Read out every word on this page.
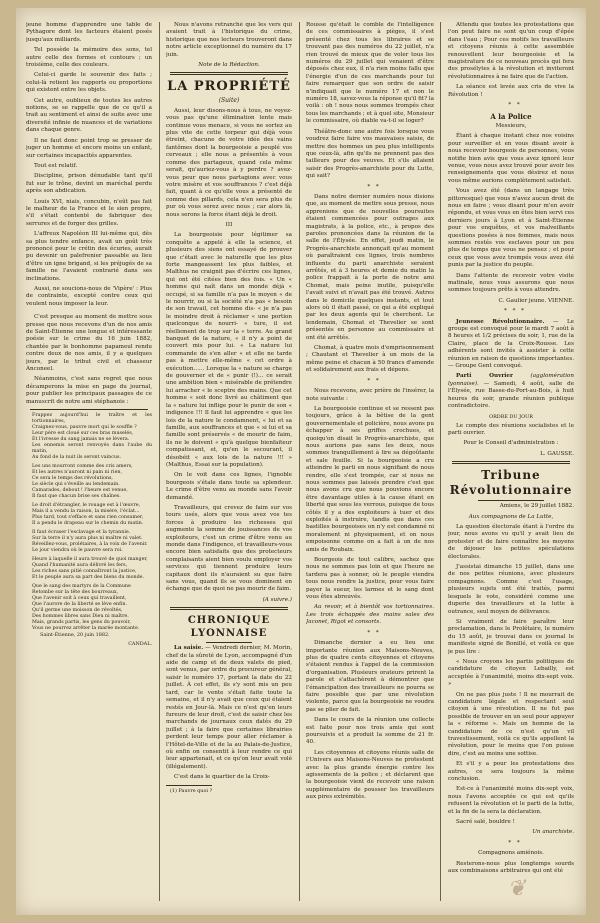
jeune homme d'apprendre une table de Pythagore dont les facteurs étaient posés jusqu'aux milliards.

Tel possède la mémoire des sons, tel autre celle des formes et contours ; un troisième, celle des couleurs.

Celui-ci garde le souvenir des faits ; celui-là retient les rapports ou proportions qui existent entre les objets.

Cet autre, oublieux de toutes les autres notions, se se rappelle que de ce qu'il a trait au sentiment et ainsi de suite avec une diversité infinie de nuances et de variations dans chaque genre.

Il ne faut donc point trop se presser de juger un homme et encore moins un enfant, sur certaines incapacités apparentes.

Tout est relatif.

Discipline, prison dénudable tant qu'il fut sur le trône, devint un maréchal perdu après son abdication.

Louis XVI, niais, concubin, n'eût pas fait le malheur de la France et le sien propre, s'il s'était contenté de fabriquer des serrures et de forger des grilles.

L'affreux Napoléon III lui-même qui, dès sa plus tendre enfance, avait un goût très prononcé pour le crétin des écuries, aurait pu devenir un palefrenier passable au lieu d'être un igne brigand, si les préjugés de sa famille ne l'avaient contrarié dans ses inclinations.

Aussi, ne soucions-nous de 'Vipère' : Plus de contrainte, excepté contre ceux qui veulent nous imposer la leur.

C'est presque au moment de mettre sous presse que nous recevons d'un de nos amis de Saint-Étienne une longue et intéressante poésie sur le crime du 16 juin 1882, chantée par le bonhomme papameul rendu contre deux de nos amis, il y a quelques jours, par le tribut civil et chasseur Anconeel.

Néanmoins, c'est sans regret que nous décamperons la mise en page du journal, pour publier les principaux passages de ce manuscrit de notre ami stéphanois :

Frappez aujourd'hui le traître et les tortionnaires,

Craignez-vous, pauvre mort qui le souffle ?

Leur père est cloué sur ces bras muselés,

Et l'ivresse du sang jamais ne se lèvera.

Les ennemis seront renvoyés dans l'aube du matin,

Au fond de la nuit ils seront vaincus.

Les uns mourront comme des cris amers,

Et les autres n'auront ni pain ni rien,

Ce sera le temps des révolutions,

Le siècle qui s'éveille au lendemain.

Camarades, debout ! l'heure est venue,

Il faut que chacun brise ses chaînes.

Le droit d'étrangler, le rouage est à l'œuvre,

Mais il a vendu la raison, la misère, l'éclat...

Plus tard, tout s'efface et sans rien consumer,

Il a pendu le drapeau sur le chemin du matin.

Il faut écraser l'esclavage et la tyrannie.

Sur la terre il n'y aura plus ni maître ni valet.

Réveillez-vous, prolétaires, à la voix de l'avenir.

Le jour viendra où le pauvre sera roi.

Heure à laquelle il aura trouvé de quoi manger,

Quand l'humanité aura délivré les fers,

Les riches sans pitié connaîtront la justice,

Et le peuple aura sa part des biens du monde.

Que le sang des martyrs de la Commune

Retombe sur la tête des bourreaux,

Que l'avenir soit à ceux qui travaillent,

Que l'aurore de la liberté se lève enfin.

Qu'il germe une moisson de révoltés,

Des hommes libres sans Dieu ni maître.

Mais, grands partis, les gens du pouvoir,

Vous ne pourrez arrêter la marée montante.

Saint-Étienne, 20 juin 1882.

CANDAL.

Nous n'avons retranché que les vers qui avaient trait à l'historique du crime, historique que nos lecteurs trouveront dans notre article exceptionnel du numéro du 17 juin.

Note de la Rédaction.

LA PROPRIÉTÉ
(Suite)

Aussi, leur disons-nous à tous, ne voyez-vous pas qu'une élimination lente mais continue vous menace, si vous ne sortez au plus vite de cette torpeur qui déjà vous étreint, chacune de votre idée des vains fantômes dont la bourgeoisie a peuplé vos cerveaux ; elle nous a présentés à vous comme des partageux, quand cela même serait, qu'auriez-vous à y perdre ? avez-vous peur que nous partagions avec vous votre misère et vos souffrances ? c'est déjà fait, quant à ce qu'elle vous a présenté de comme des pillards, cela n'en sera plus de pur où vous serez avec nous ; car alors là, nous serons la force étant déjà le droit.

III

La bourgeoisie pour légitimer sa conquête a appelé à elle la science, et plusieurs des siens ont essayé de prouver que c'était avec le naturelle que les plus forte mangeassent les plus faibles, et Malthus ne craignit pas d'écrire ces lignes, qui ont été citées bien des fois. « Un « homme qui naît dans un monde déjà « occupé, si sa famille n'a pas le moyen « de le nourrir, ou si la société n'a pas « besoin de son travail, cet homme dis- « je n'a pas le moindre droit à réclamer « une portion quelconque de nourri- « ture, il est réellement de trop sur la « terre. Au grand banquet de la nature, « il n'y a point de couvert mis pour lui. « La nature lui commande de s'en aller « et elle ne tarde pas à mettre elle-même « cet ordre à exécution...... Lorsque la « nature se charge de gouverner et de « punir (!)... ce serait une ambition bien « misérable de prétendre lui arracher « le sceptre des mains. Que cet homme « soit donc livré au châtiment que la « nature lui inflige pour le punir de son « indigence !!! Il faut lui apprendre « que les lois de la nature le condamnent, « lui et sa famille, aux souffrances et que « si lui et sa famille sont préservés « de mourir de faim, ils ne le doivent « qu'à quelque bienfaiteur compatissant, et, qu'en le secourant, il désobéit « aux lois de la nature !!! » (Malthus, Essai sur la population).

On le voit dans ces lignes, l'ignoble bourgeois s'étale dans toute sa splendeur. Le crime d'être venu au monde sans l'avoir demandé.

Travailleurs, qui crevez de faim sur vos tours usés, alors que vous avez vos tes forces à produire les richesses qui augmente la somme de jouissances de vos exploiteurs, c'est un crime d'être venu au monde dans l'indigence, et travailleurs-vous encore bien satisfaits que des protecteurs complaisants aient bien voulu employer vos services qui tiennent produire leurs capitaux dont ils n'auraient su que faire sans vous, quand ils se vous dominent en échange que de quoi ne pas mourir de faim.

(A suivre.)

CHRONIQUE LYONNAISE

La saisie. — Vendredi dernier, M. Morin, chef de la sûreté de Lyon, accompagné d'un aide de camp et de deux valets de pied, sont venus, par ordre du procureur général, saisir le numéro 17, portant la date du 22 juillet. À cet effet, ils s'y sont mis un peu tard, car le vente s'était faite toute la semaine, et il n'y avait que ceux qui étaient restés en Jour-là. Mais ce n'est qu'en leurs fureurs de leur droit, c'est de saisir chez les marchands de journaux ceux datés du 29 juillet ; à la faire que certaines librairies perdent leur temps pour aller réclamer à l'Hôtel-de-Ville et de la au Palais-de-Justice, où enfin on consentit à leur rendre ce qui leur appartenait, et ce qu'on leur avait volé (illégalement).

C'est dans le quartier de la Croix-

(1) Pauvre quoi ?

Rousse qu'était le comble de l'intelligence de ces commissaires à pièges, il s'est présenté chez tous les libraires et se trouvant pas des numéros du 22 juillet, n'a rien trouvé de mieux que de voler tous les numéros du 29 juillet qui venaient d'être déposés chez eux, il n'a rien moins fallu que l'énergie d'un de ces marchands pour lui faire remarquer que son ordre de saisir n'indiquait que le numéro 17 et non le numéro 18, savez-vous la réponse qu'il fit? la voilà : oh ! nous nous sommes trompés chez tous les marchands ; et à quel site, Monsieur le commissaire, où diable va-t-il se loger?

Théâtre-donc une autre fois lorsque vous voudrez faire faire vos mauvaises saisie, de mettre des hommes un peu plus intelligents que ceux-là, afin qu'ils ne prennent pas des tailleurs pour des veuves. Et s'ils allaient saisir des Progrès-anarchiste pour du Lutte, qui sait?

* *

Dans notre dernier numéro nous disions que, au moment de mettre sous presse, nous apprenions que de nouvelles poursuites étaient commencées pour outrages aux magistrats, à la police, etc., à propos des paroles prononcées dans la réunion de la salle de l'Élysée. En effet, jeudi matin, le Progrès-anarchiste annonçait qu'au moment où paraîtraient ces lignes, trois nombres influents du parti anarchiste seraient arrêtés, et à 3 heures et demie du matin la police frappait à la porte de notre ami Chomat, mais peine inutile, puisqu'elle l'avait suivi et n'avait pas été trouvé. Autres dans le domicile quelques instants, et tout alors où il était passé, ce qui a été expliqué par les deux agents qui le cherchent. Le lendemain, Chomat et Thevelier se sont présentés en personne au commissaire et ont été arrêtés.

Chomat, à quatre mois d'emprisonnement ; Chautant et Thevelier à un mois de la même peine et chacun à 50 francs d'amende et solidairement aux frais et dépens.

* *

Nous recevons, avec prière de l'insérer, la note suivante :

La bourgeoisie continue et se ressent pas toujours, grâce à la bêtise de la gent gouvernementale et policière, nous avons pu échapper à ses griffes crochues, et quoiqu'on disait le Progrès-anarchiste, que nous aurions pas sans les deux, nous sommes tranquillement à lire sa dégoûtante et sale feuille. Si la bourgeoisie a cru atteindre le parti en nous signifiant de nous rendre, elle s'est trompée, car si nous ne nous sommes pas laissés prendre c'est que nous avons cru que nous pouvions encore être davantage utiles à la cause étant en liberté que sous les verrous, puisque de tous côtés il y a des exploiteurs à tuer et des exploités à instruire, tandis que dans ces bastilles bourgeoises on n'y est condamné ni moralement ni physiquement, et on nous empoisonne comme on a fait à un de nos amis de Roubaix.

Bourgeois de tout calibre, sachez que nous ne sommes pas loin et que l'heure ne tardera pas à sonner, où le peuple viendra tous nous rendre la justice, pour vous faire payer la sueur, les larmes et le sang dont vous êtes abreuvés.

Au revoir, et à bientôt vos tortionnaires. Les trois échappés des mains sales des Jaconet, Rigot et consorts.

* *

Dimanche dernier a eu lieu une importante réunion aux Maisons-Neuves, plus de quatre cents citoyennes et citoyens s'étaient rendus à l'appel de la commission d'organisation. Plusieurs orateurs prirent la parole et s'attachèrent à démontrer que l'émancipation des travailleurs ne pourra se faire possible que par une révolution violente, parce que la bourgeoisie ne voudra pas se plier de fait.

Dans le cours de la réunion une collecte est faite pour nos trois amis qui sont poursuivis et a produit la somme de 21 fr. 40.

Les citoyennes et citoyens réunis salle de l'Univers aux Maisons-Neuves ne protestent avec la plus grande énergie contre les agissements de la police ; et déclarent que la bourgeoisie vient de recevoir une raison supplémentaire de pousser les travailleurs aux pires extrémités.

Attendu que toutes les protestations que l'on peut faire ne sont qu'un coup d'épée dans l'eau ; Pour ces motifs les travailleurs et citoyens réunis à cette assemblée renouvellent leur bourgeoisie et la magistrature de ce nouveau procès qui fera des prosélytes à la révolution et inviteront révolutionnaires à ne faire que de l'action.

La séance est levée aux cris de vive la Révolution !

* *

A la Police

Messieurs,

Étant à chaque instant chez nos voisins pour surveiller et en vous disant avoir à nous recevoir bourgeois de personnes, vous notifie bien avis que vous avez ignoré leur venue, vous nous avez trouvé pour avoir les renseignements que vous désirez et nous vous même aurions complètement satisfait.

Vous avez été (dans un langage très pittoresque) que vous n'avez aucun droit de nous en faire ; vous disant pour m'en avoir répondu, et vous vous en êtes bien servi ces derniers jours à Lyon et à Saint-Étienne pour vos enquêtes, et vos malveillants questions posées à nos femmes, mais nous sommes restés vos esclaves pour un peu plus de temps que vous ne pensez ; et pour ceux que vous avez trompés vous avez été punis par la justice du peuple.

Dans l'attente de recevoir votre visite matinale, nous vous assurons que nous sommes toujours prêts à vous attendre.

C. Gaulier jeune. VIENNE.

* * *

Jeunesse Révolutionnaire. — Le groupe est convoqué pour le mardi 7 août à 8 heures et 1/2 précises du soir, 1, rue de la Claire, place de la Croix-Rousse. Les adhérents sont invités à assister à cette réunion en raison de questions importantes. — Groupe Gent convoqué.

Parti Ouvrier	(agglomération lyonnaise). — Samedi, 4 août, salle de l'Élysée, rue Basse-du-Port-au-Bois, à huit heures du soir, grande réunion publique contradictoire.

ORDRE DU JOUR

Le compte des réunions socialistes et le parti ouvrier.

Pour le Conseil d'administration :

L. GAUSSE.

Tribune Révolutionnaire

Amiens, le 29 juillet 1882.

Aux compagnons de La Lutte,

La question électorale étant à l'ordre du jour, nous avons vu qu'il y avait lieu de protester et de faire connaître les moyens de déjouer les petites spéculations électorales.

J'assistai dimanche 15 juillet, dans une de nos petites réunions, avec plusieurs compagnons. Comme c'est l'usage, plusieurs sujets ont été traités, parmi lesquels le vote, considéré comme une duperie des travailleurs et la lutte à outrance, seul moyen de délivrance.

Si vraiment de faire paraître leur proclamation, dans le Prolétaire, le numéro du 15 août, je trouvai dans ce journal le manifeste signé de Bonillé, et voilà ce que je pus lire :

« Nous croyons les partis politiques de candidature de citoyen Lebailly, est acceptée à l'unanimité, moins dix-sept voix. »

On ne pas plus juste ! Il ne mourrait de candidature légale et respectant seul citoyen à une révolution. Il ne fut pas possible de trouver en un seul pour appuyer la « réforme ». Mais un homme de la candidature de ce n'est qu'un vil travestissement, voilà ce qu'ils appellent la révolution, pour le moins que l'on puisse dire, c'est au moins une sottise.

Et s'il y a pour les protestations des autres, ce sera toujours la même conclusion.

Est-ce à l'unanimité moins dix-sept voix, nous l'avons acceptée ce qui est qu'ils refusent la révolution et le parti de la lutte, et la fin de la sera la déclaration.

Sacré salé, bouldre !

Un anarchiste.

* *

Compagnons amiénois.

Resterons-nous plus longtemps sourds aux combinaisons arbitraires qui ont été

❦
